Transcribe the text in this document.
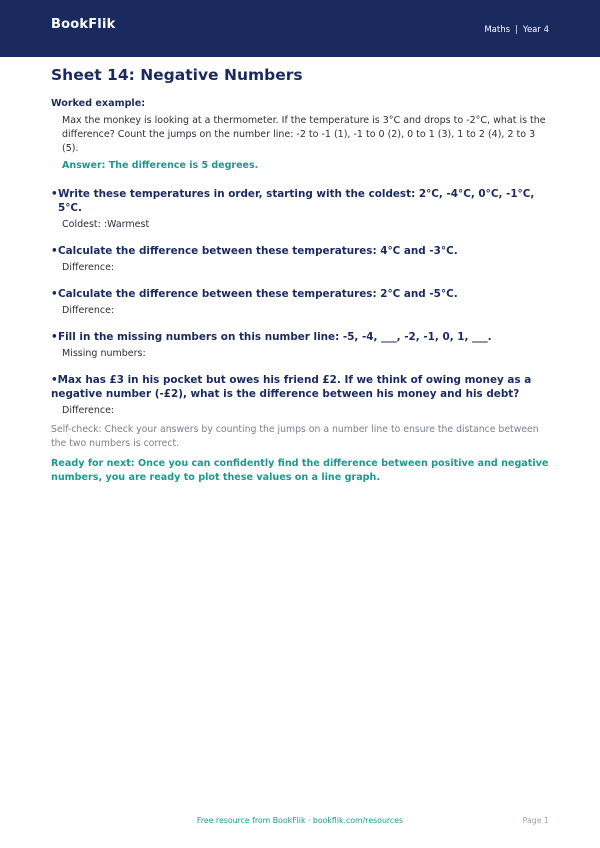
BookFlik	Maths | Year 4
Sheet 14: Negative Numbers
Worked example:
Max the monkey is looking at a thermometer. If the temperature is 3°C and drops to -2°C, what is the difference? Count the jumps on the number line: -2 to -1 (1), -1 to 0 (2), 0 to 1 (3), 1 to 2 (4), 2 to 3 (5).
Answer: The difference is 5 degrees.
• Write these temperatures in order, starting with the coldest: 2°C, -4°C, 0°C, -1°C, 5°C.
Coldest: :Warmest
• Calculate the difference between these temperatures: 4°C and -3°C.
Difference:
• Calculate the difference between these temperatures: 2°C and -5°C.
Difference:
• Fill in the missing numbers on this number line: -5, -4, ___, -2, -1, 0, 1, ___.
Missing numbers:
•Max has £3 in his pocket but owes his friend £2. If we think of owing money as a negative number (-£2), what is the difference between his money and his debt?
Difference:
Self-check: Check your answers by counting the jumps on a number line to ensure the distance between the two numbers is correct.
Ready for next: Once you can confidently find the difference between positive and negative numbers, you are ready to plot these values on a line graph.
Free resource from BookFlik · bookflik.com/resources	Page 1
